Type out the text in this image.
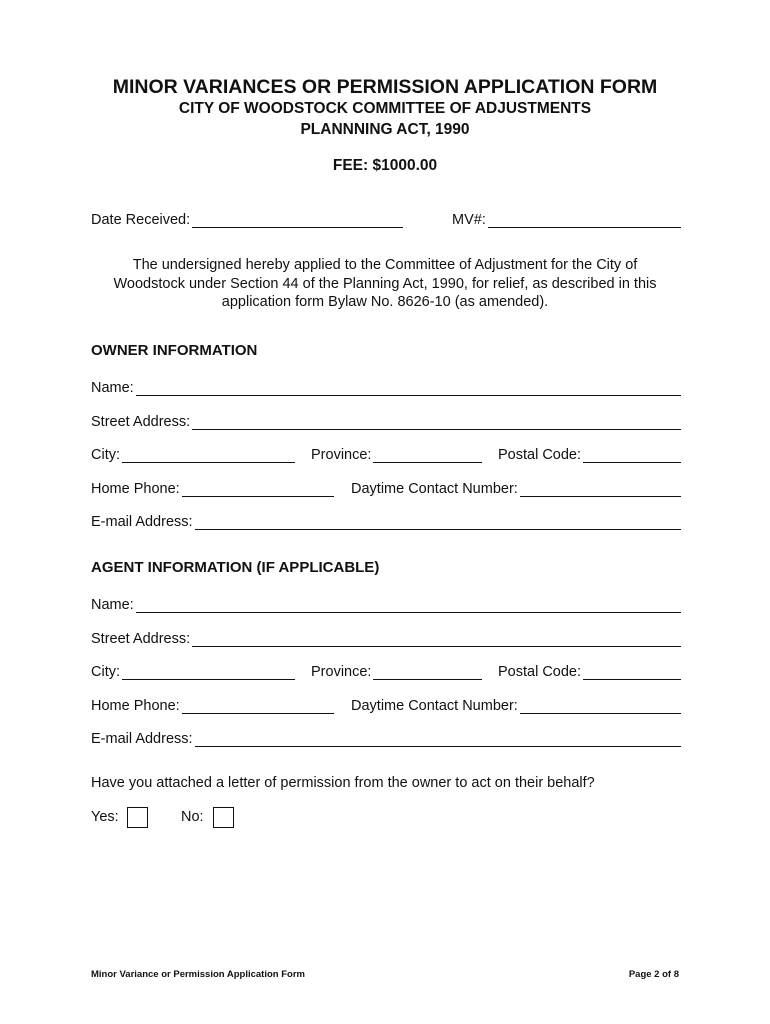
MINOR VARIANCES OR PERMISSION APPLICATION FORM
CITY OF WOODSTOCK COMMITTEE OF ADJUSTMENTS
PLANNNING ACT, 1990
FEE: $1000.00
Date Received:	MV#:
The undersigned hereby applied to the Committee of Adjustment for the City of Woodstock under Section 44 of the Planning Act, 1990, for relief, as described in this application form Bylaw No. 8626-10 (as amended).
OWNER INFORMATION
Name:
Street Address:
City:	Province:	Postal Code:
Home Phone:	Daytime Contact Number:
E-mail Address:
AGENT INFORMATION (IF APPLICABLE)
Name:
Street Address:
City:	Province:	Postal Code:
Home Phone:	Daytime Contact Number:
E-mail Address:
Have you attached a letter of permission from the owner to act on their behalf?
Yes:	No:
Minor Variance or Permission Application Form	Page 2 of 8
